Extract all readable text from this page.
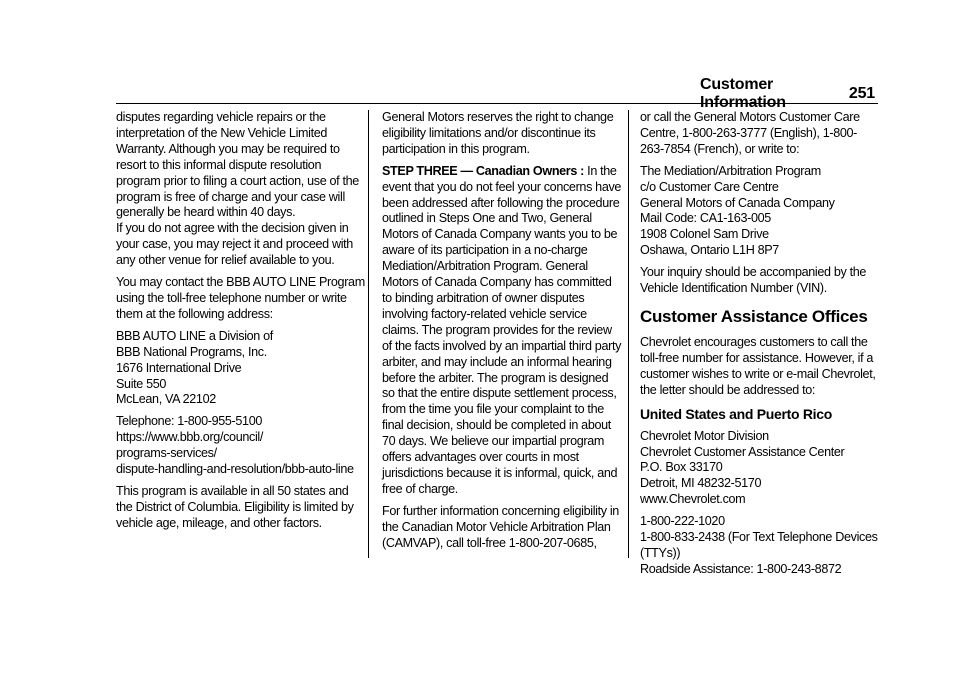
Customer Information
251

disputes regarding vehicle repairs or the interpretation of the New Vehicle Limited Warranty. Although you may be required to resort to this informal dispute resolution program prior to filing a court action, use of the program is free of charge and your case will generally be heard within 40 days.

If you do not agree with the decision given in your case, you may reject it and proceed with any other venue for relief available to you.

You may contact the BBB AUTO LINE Program using the toll-free telephone number or write them at the following address:

BBB AUTO LINE a Division of
BBB National Programs, Inc.
1676 International Drive
Suite 550
McLean, VA 22102

Telephone: 1-800-955-5100
https://www.bbb.org/council/
programs-services/
dispute-handling-and-resolution/bbb-auto-line

This program is available in all 50 states and the District of Columbia. Eligibility is limited by vehicle age, mileage, and other factors.

General Motors reserves the right to change eligibility limitations and/or discontinue its participation in this program.

STEP THREE — Canadian Owners : In the event that you do not feel your concerns have been addressed after following the procedure outlined in Steps One and Two, General Motors of Canada Company wants you to be aware of its participation in a no-charge Mediation/Arbitration Program. General Motors of Canada Company has committed to binding arbitration of owner disputes involving factory-related vehicle service claims. The program provides for the review of the facts involved by an impartial third party arbiter, and may include an informal hearing before the arbiter. The program is designed so that the entire dispute settlement process, from the time you file your complaint to the final decision, should be completed in about 70 days. We believe our impartial program offers advantages over courts in most jurisdictions because it is informal, quick, and free of charge.

For further information concerning eligibility in the Canadian Motor Vehicle Arbitration Plan (CAMVAP), call toll-free 1-800-207-0685,

or call the General Motors Customer Care Centre, 1-800-263-3777 (English), 1-800-263-7854 (French), or write to:

The Mediation/Arbitration Program
c/o Customer Care Centre
General Motors of Canada Company
Mail Code: CA1-163-005
1908 Colonel Sam Drive
Oshawa, Ontario L1H 8P7

Your inquiry should be accompanied by the Vehicle Identification Number (VIN).

Customer Assistance Offices

Chevrolet encourages customers to call the toll-free number for assistance. However, if a customer wishes to write or e-mail Chevrolet, the letter should be addressed to:

United States and Puerto Rico

Chevrolet Motor Division
Chevrolet Customer Assistance Center
P.O. Box 33170
Detroit, MI 48232-5170
www.Chevrolet.com

1-800-222-1020
1-800-833-2438 (For Text Telephone Devices (TTYs))
Roadside Assistance: 1-800-243-8872
